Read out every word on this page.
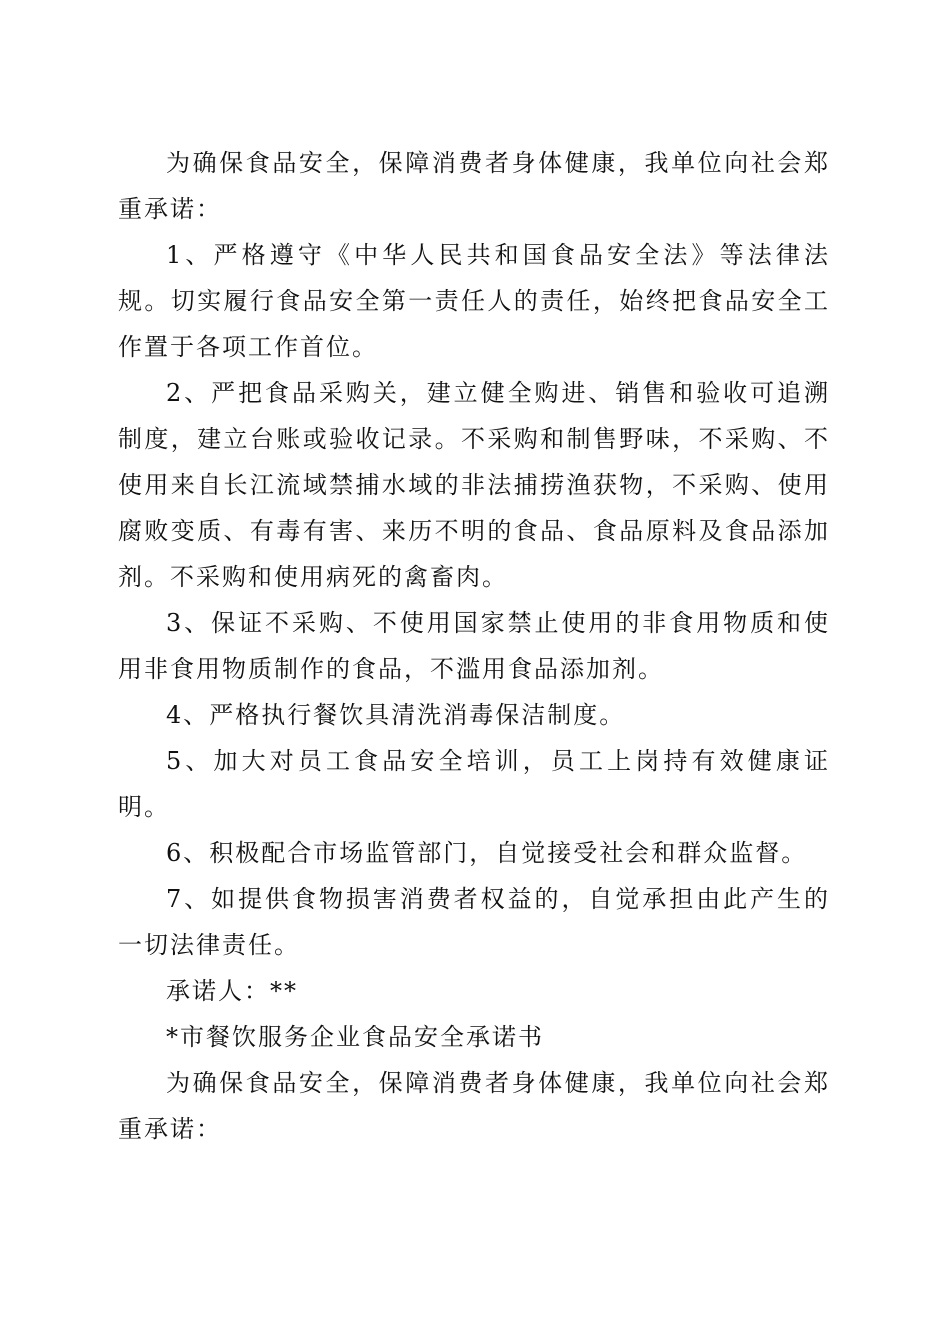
为确保食品安全，保障消费者身体健康，我单位向社会郑重承诺：

1、严格遵守《中华人民共和国食品安全法》等法律法规。切实履行食品安全第一责任人的责任，始终把食品安全工作置于各项工作首位。

2、严把食品采购关，建立健全购进、销售和验收可追溯制度，建立台账或验收记录。不采购和制售野味，不采购、不使用来自长江流域禁捕水域的非法捕捞渔获物，不采购、使用腐败变质、有毒有害、来历不明的食品、食品原料及食品添加剂。不采购和使用病死的禽畜肉。

3、保证不采购、不使用国家禁止使用的非食用物质和使用非食用物质制作的食品，不滥用食品添加剂。

4、严格执行餐饮具清洗消毒保洁制度。

5、加大对员工食品安全培训，员工上岗持有效健康证明。

6、积极配合市场监管部门，自觉接受社会和群众监督。

7、如提供食物损害消费者权益的，自觉承担由此产生的一切法律责任。

承诺人：**

*市餐饮服务企业食品安全承诺书

为确保食品安全，保障消费者身体健康，我单位向社会郑重承诺：
